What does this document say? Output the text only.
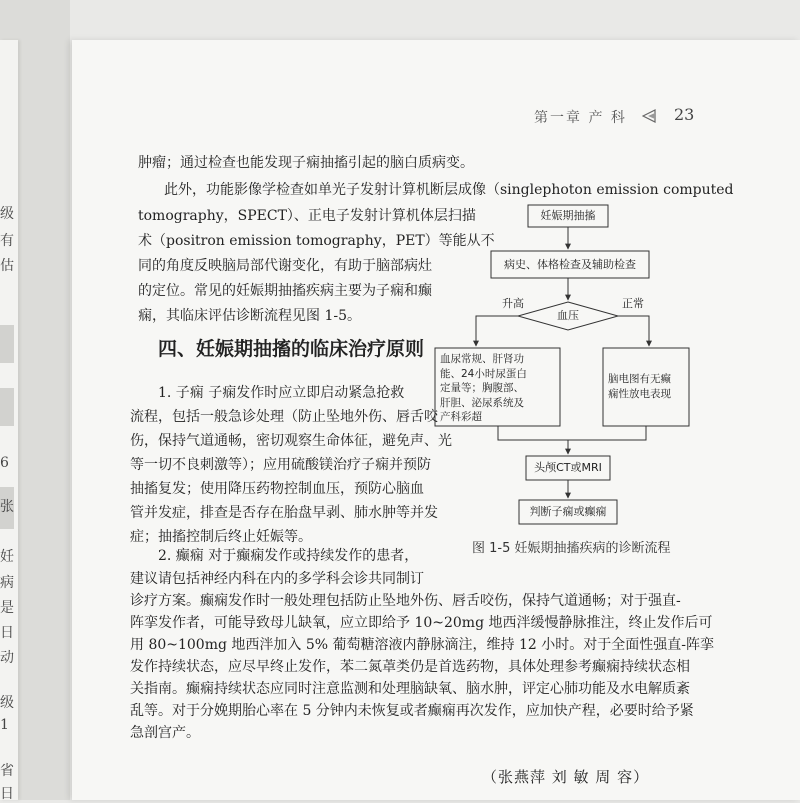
级
有
估
6
张
妊
病
是
日
动
级
1
省
日
第一章 产 科	23
肿瘤；通过检查也能发现子痫抽搐引起的脑白质病变。
此外，功能影像学检查如单光子发射计算机断层成像（singlephoton emission computed
tomography，SPECT）、正电子发射计算机体层扫描
术（positron emission tomography，PET）等能从不
同的角度反映脑局部代谢变化，有助于脑部病灶
的定位。常见的妊娠期抽搐疾病主要为子痫和癫
痫，其临床评估诊断流程见图 1-5。
四、妊娠期抽搐的临床治疗原则
1. 子痫 子痫发作时应立即启动紧急抢救
流程，包括一般急诊处理（防止坠地外伤、唇舌咬
伤，保持气道通畅，密切观察生命体征，避免声、光
等一切不良刺激等）；应用硫酸镁治疗子痫并预防
抽搐复发；使用降压药物控制血压，预防心脑血
管并发症，排查是否存在胎盘早剥、肺水肿等并发
症；抽搐控制后终止妊娠等。
2. 癫痫 对于癫痫发作或持续发作的患者，
建议请包括神经内科在内的多学科会诊共同制订
诊疗方案。癫痫发作时一般处理包括防止坠地外伤、唇舌咬伤，保持气道通畅；对于强直-
阵挛发作者，可能导致母儿缺氧，应立即给予 10~20mg 地西泮缓慢静脉推注，终止发作后可
用 80~100mg 地西泮加入 5% 葡萄糖溶液内静脉滴注，维持 12 小时。对于全面性强直-阵挛
发作持续状态，应尽早终止发作，苯二氮䓬类仍是首选药物，具体处理参考癫痫持续状态相
关指南。癫痫持续状态应同时注意监测和处理脑缺氧、脑水肿，评定心肺功能及水电解质紊
乱等。对于分娩期胎心率在 5 分钟内未恢复或者癫痫再次发作，应加快产程，必要时给予紧
急剖宫产。
妊娠期抽搐
病史、体格检查及辅助检查
血压
升高	正常
血尿常规、肝肾功
能、24小时尿蛋白
定量等；胸腹部、
肝胆、泌尿系统及
产科彩超
脑电图有无癫
痫性放电表现
头颅CT或MRI
判断子痫或癫痫
图 1-5 妊娠期抽搐疾病的诊断流程
（张燕萍 刘 敏 周 容）
